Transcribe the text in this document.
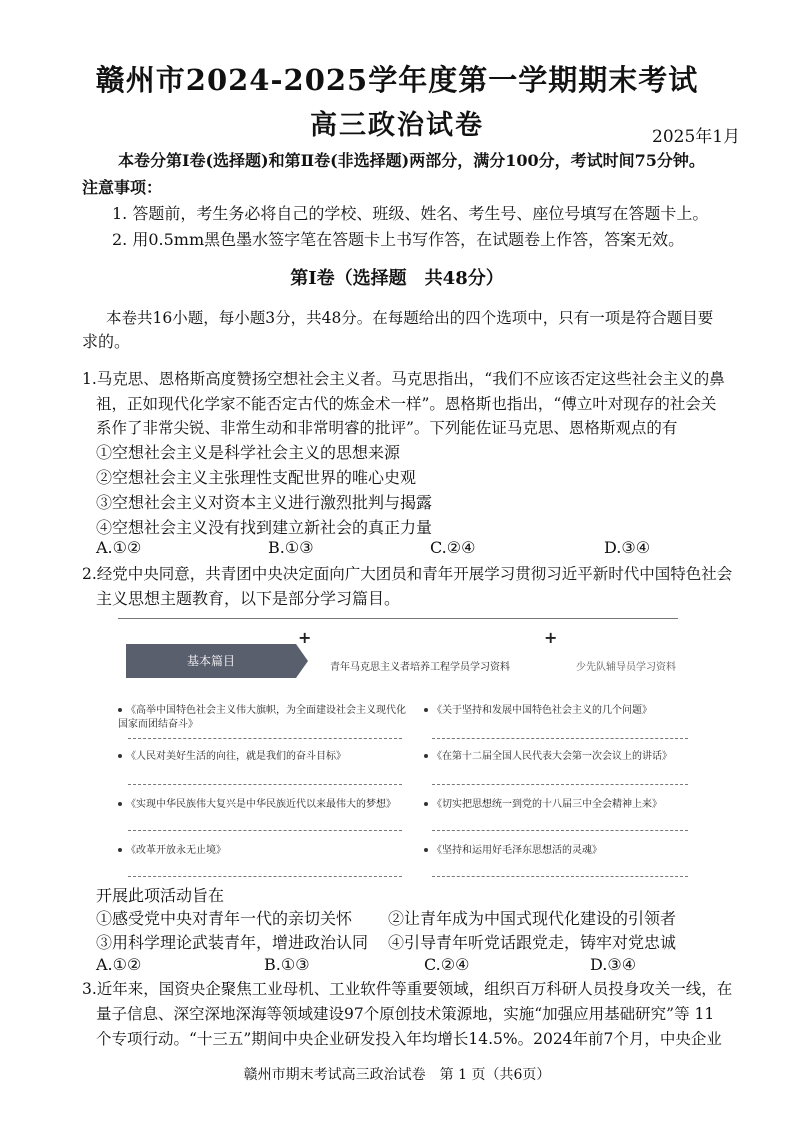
赣州市2024-2025学年度第一学期期末考试
高三政治试卷	2025年1月
本卷分第Ⅰ卷(选择题)和第Ⅱ卷(非选择题)两部分，满分100分，考试时间75分钟。
注意事项：
1. 答题前，考生务必将自己的学校、班级、姓名、考生号、座位号填写在答题卡上。
2. 用0.5mm黑色墨水签字笔在答题卡上书写作答，在试题卷上作答，答案无效。
第Ⅰ卷（选择题　共48分）
本卷共16小题，每小题3分，共48分。在每题给出的四个选项中，只有一项是符合题目要
求的。
1.马克思、恩格斯高度赞扬空想社会主义者。马克思指出，“我们不应该否定这些社会主义的鼻
祖，正如现代化学家不能否定古代的炼金术一样”。恩格斯也指出，“傅立叶对现存的社会关
系作了非常尖锐、非常生动和非常明睿的批评”。下列能佐证马克思、恩格斯观点的有
①空想社会主义是科学社会主义的思想来源
②空想社会主义主张理性支配世界的唯心史观
③空想社会主义对资本主义进行激烈批判与揭露
④空想社会主义没有找到建立新社会的真正力量
A.①②	B.①③	C.②④	D.③④
2.经党中央同意，共青团中央决定面向广大团员和青年开展学习贯彻习近平新时代中国特色社会
主义思想主题教育，以下是部分学习篇目。
基本篇目
+
青年马克思主义者培养工程学员学习资料
+
少先队辅导员学习资料
《高举中国特色社会主义伟大旗帜，为全面建设社会主义现代化国家而团结奋斗》
《人民对美好生活的向往，就是我们的奋斗目标》
《实现中华民族伟大复兴是中华民族近代以来最伟大的梦想》
《改革开放永无止境》
《关于坚持和发展中国特色社会主义的几个问题》
《在第十二届全国人民代表大会第一次会议上的讲话》
《切实把思想统一到党的十八届三中全会精神上来》
《坚持和运用好毛泽东思想活的灵魂》
开展此项活动旨在
①感受党中央对青年一代的亲切关怀 ②让青年成为中国式现代化建设的引领者
③用科学理论武装青年，增进政治认同 ④引导青年听党话跟党走，铸牢对党忠诚
A.①②	B.①③	C.②④	D.③④
3.近年来，国资央企聚焦工业母机、工业软件等重要领域，组织百万科研人员投身攻关一线，在
量子信息、深空深地深海等领域建设97个原创技术策源地，实施“加强应用基础研究”等 11
个专项行动。“十三五”期间中央企业研发投入年均增长14.5%。2024年前7个月，中央企业
赣州市期末考试高三政治试卷　第 1 页（共6页）
